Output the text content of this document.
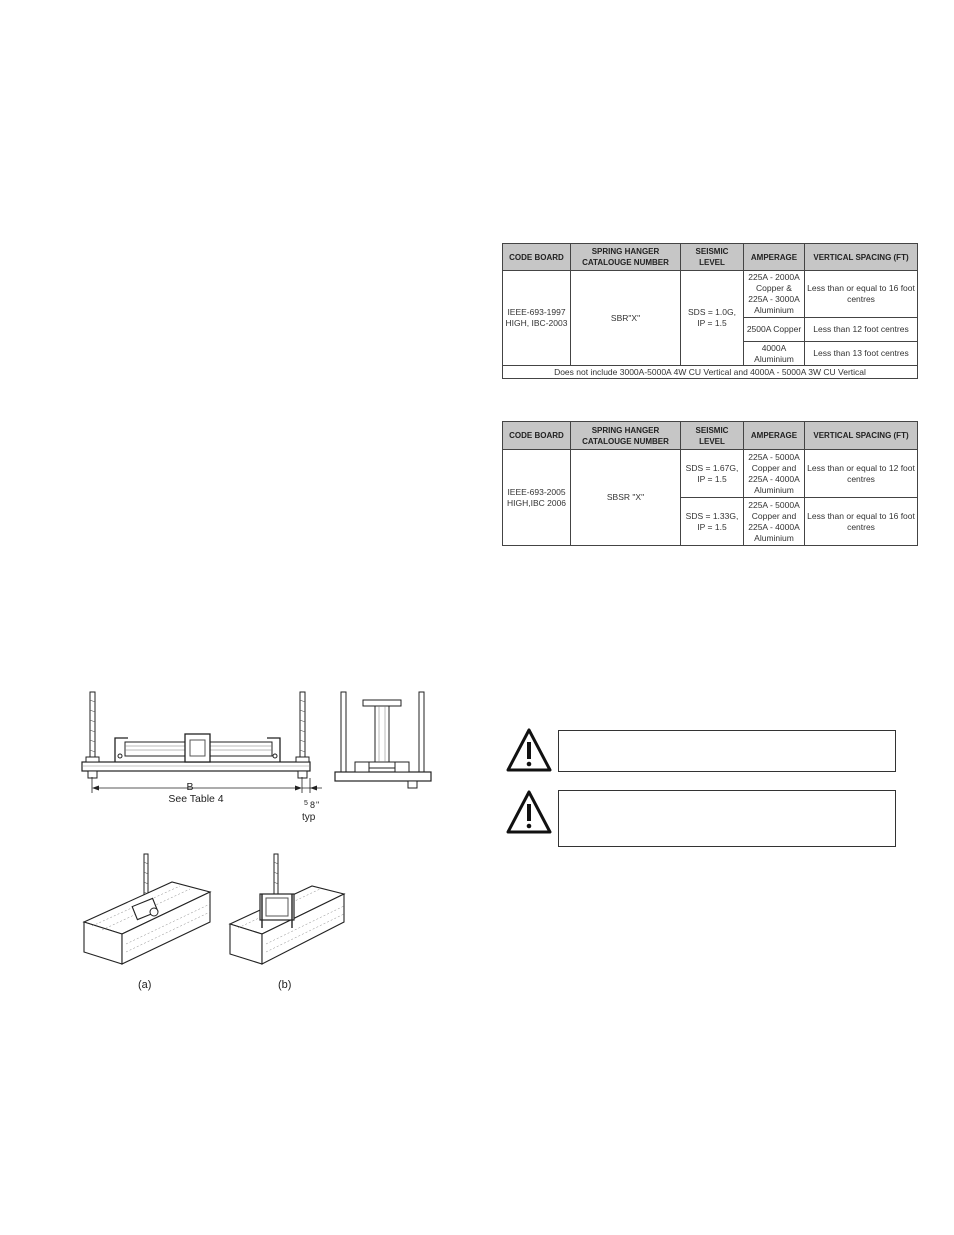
CODE BOARD	SPRING HANGER CATALOUGE NUMBER	SEISMIC LEVEL	AMPERAGE	VERTICAL SPACING (FT)
IEEE-693-1997 HIGH, IBC-2003	SBR"X"	SDS = 1.0G, IP = 1.5	225A - 2000A Copper & 225A - 3000A Aluminium	Less than or equal to 16 foot centres
			2500A Copper	Less than 12 foot centres
			4000A Aluminium	Less than 13 foot centres
Does not include 3000A-5000A 4W CU Vertical and 4000A - 5000A 3W CU Vertical				
CODE BOARD	SPRING HANGER CATALOUGE NUMBER	SEISMIC LEVEL	AMPERAGE	VERTICAL SPACING (FT)
IEEE-693-2005 HIGH,IBC 2006	SBSR "X"	SDS = 1.67G, IP = 1.5	225A - 5000A Copper and 225A - 4000A Aluminium	Less than or equal to 12 foot centres
		SDS = 1.33G, IP = 1.5	225A - 5000A Copper and 225A - 4000A Aluminium	Less than or equal to 16 foot centres
B
See Table 4	5 8 "
typ
(a)	(b)
